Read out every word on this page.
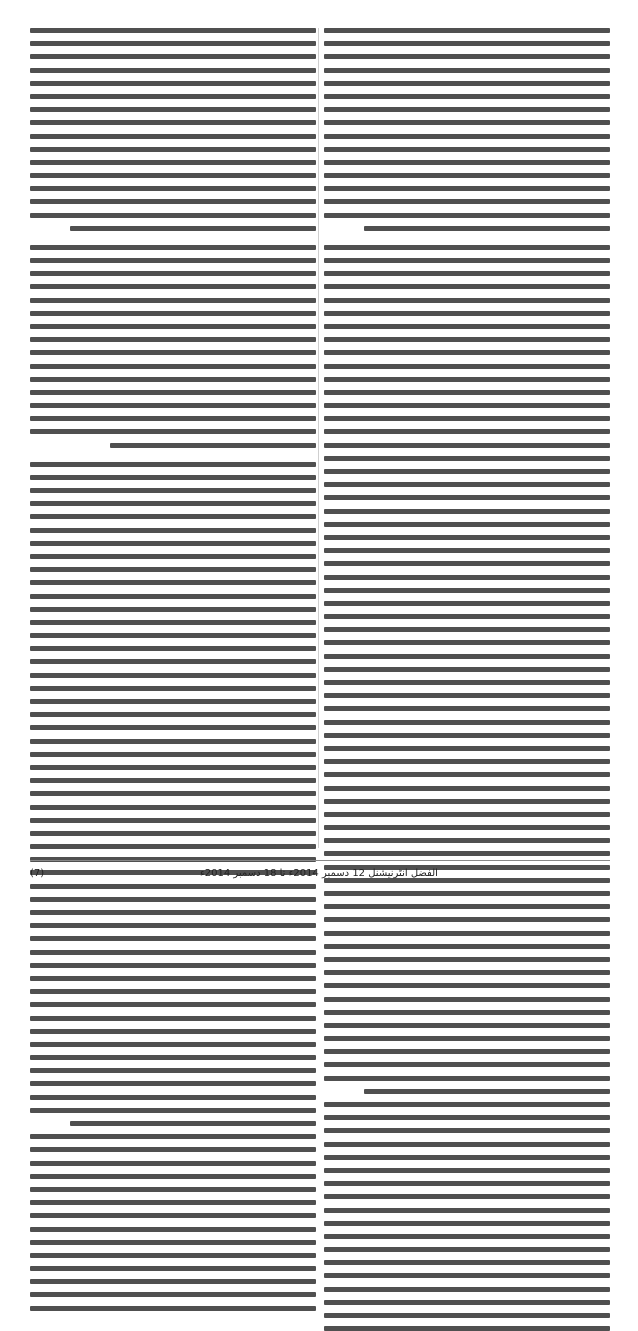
(7)	الفضل انٹرنیشنل 12 دسمبر 2014ء تا 18 دسمبر 2014ء
